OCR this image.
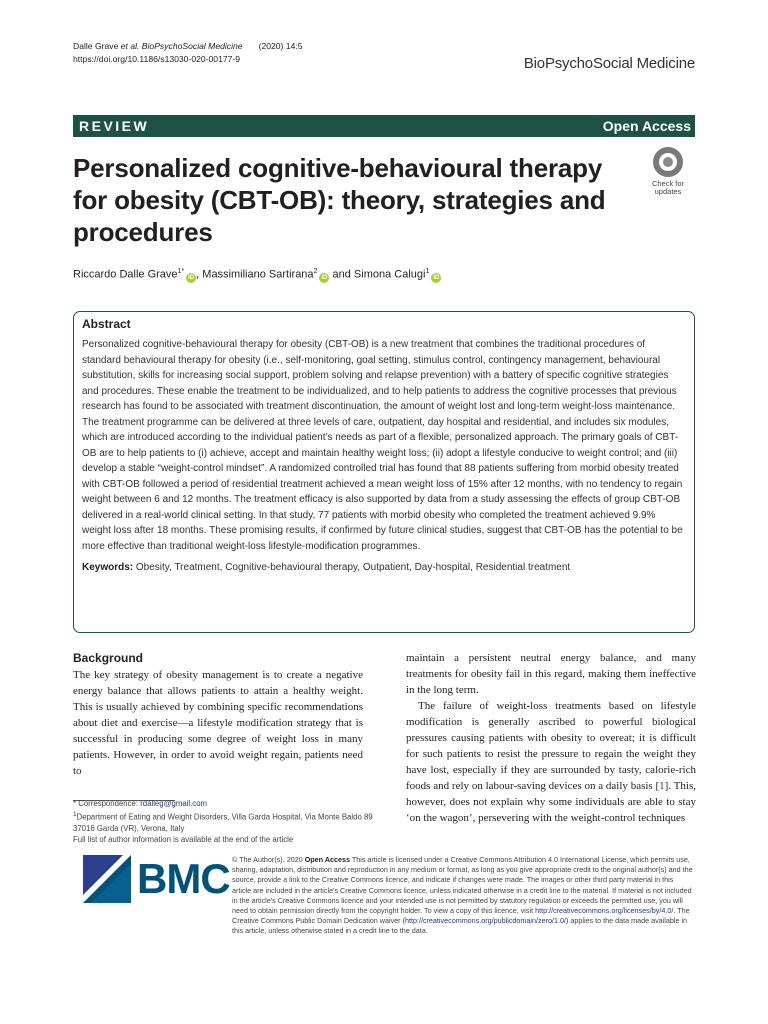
Dalle Grave et al. BioPsychoSocial Medicine (2020) 14:5
https://doi.org/10.1186/s13030-020-00177-9	BioPsychoSocial Medicine
REVIEW	Open Access
Personalized cognitive-behavioural therapy for obesity (CBT-OB): theory, strategies and procedures
Check for updates
Riccardo Dalle Grave$^{1*}$iD , Massimiliano Sartirana$^2$iD and Simona Calugi$^1$iD
Abstract

Personalized cognitive-behavioural therapy for obesity (CBT-OB) is a new treatment that combines the traditional procedures of standard behavioural therapy for obesity (i.e., self-monitoring, goal setting, stimulus control, contingency management, behavioural substitution, skills for increasing social support, problem solving and relapse prevention) with a battery of specific cognitive strategies and procedures. These enable the treatment to be individualized, and to help patients to address the cognitive processes that previous research has found to be associated with treatment discontinuation, the amount of weight lost and long-term weight-loss maintenance. The treatment programme can be delivered at three levels of care, outpatient, day hospital and residential, and includes six modules, which are introduced according to the individual patient’s needs as part of a flexible, personalized approach. The primary goals of CBT-OB are to help patients to (i) achieve, accept and maintain healthy weight loss; (ii) adopt a lifestyle conducive to weight control; and (iii) develop a stable “weight-control mindset”. A randomized controlled trial has found that 88 patients suffering from morbid obesity treated with CBT-OB followed a period of residential treatment achieved a mean weight loss of 15% after 12 months, with no tendency to regain weight between 6 and 12 months. The treatment efficacy is also supported by data from a study assessing the effects of group CBT-OB delivered in a real-world clinical setting. In that study, 77 patients with morbid obesity who completed the treatment achieved 9.9% weight loss after 18 months. These promising results, if confirmed by future clinical studies, suggest that CBT-OB has the potential to be more effective than traditional weight-loss lifestyle-modification programmes.

Keywords: Obesity, Treatment, Cognitive-behavioural therapy, Outpatient, Day-hospital, Residential treatment

Background

The key strategy of obesity management is to create a negative energy balance that allows patients to attain a healthy weight. This is usually achieved by combining specific recommendations about diet and exercise—a lifestyle modification strategy that is successful in producing some degree of weight loss in many patients. However, in order to avoid weight regain, patients need to

maintain a persistent neutral energy balance, and many treatments for obesity fail in this regard, making them ineffective in the long term.

The failure of weight-loss treatments based on lifestyle modification is generally ascribed to powerful biological pressures causing patients with obesity to overeat; it is difficult for such patients to resist the pressure to regain the weight they have lost, especially if they are surrounded by tasty, calorie-rich foods and rely on labour-saving devices on a daily basis [1]. This, however, does not explain why some individuals are able to stay ‘on the wagon’, persevering with the weight-control techniques

* Correspondence: rdalleg@gmail.com
$^1$Department of Eating and Weight Disorders, Villa Garda Hospital, Via Monte Baldo 89 37016 Garda (VR), Verona, Italy
Full list of author information is available at the end of the article
BMC © The Author(s). 2020 Open Access This article is licensed under a Creative Commons Attribution 4.0 International License, which permits use, sharing, adaptation, distribution and reproduction in any medium or format, as long as you give appropriate credit to the original author(s) and the source, provide a link to the Creative Commons licence, and indicate if changes were made. The images or other third party material in this article are included in the article's Creative Commons licence, unless indicated otherwise in a credit line to the material. If material is not included in the article's Creative Commons licence and your intended use is not permitted by statutory regulation or exceeds the permitted use, you will need to obtain permission directly from the copyright holder. To view a copy of this licence, visit http://creativecommons.org/licenses/by/4.0/. The Creative Commons Public Domain Dedication waiver (http://creativecommons.org/publicdomain/zero/1.0/) applies to the data made available in this article, unless otherwise stated in a credit line to the data.
